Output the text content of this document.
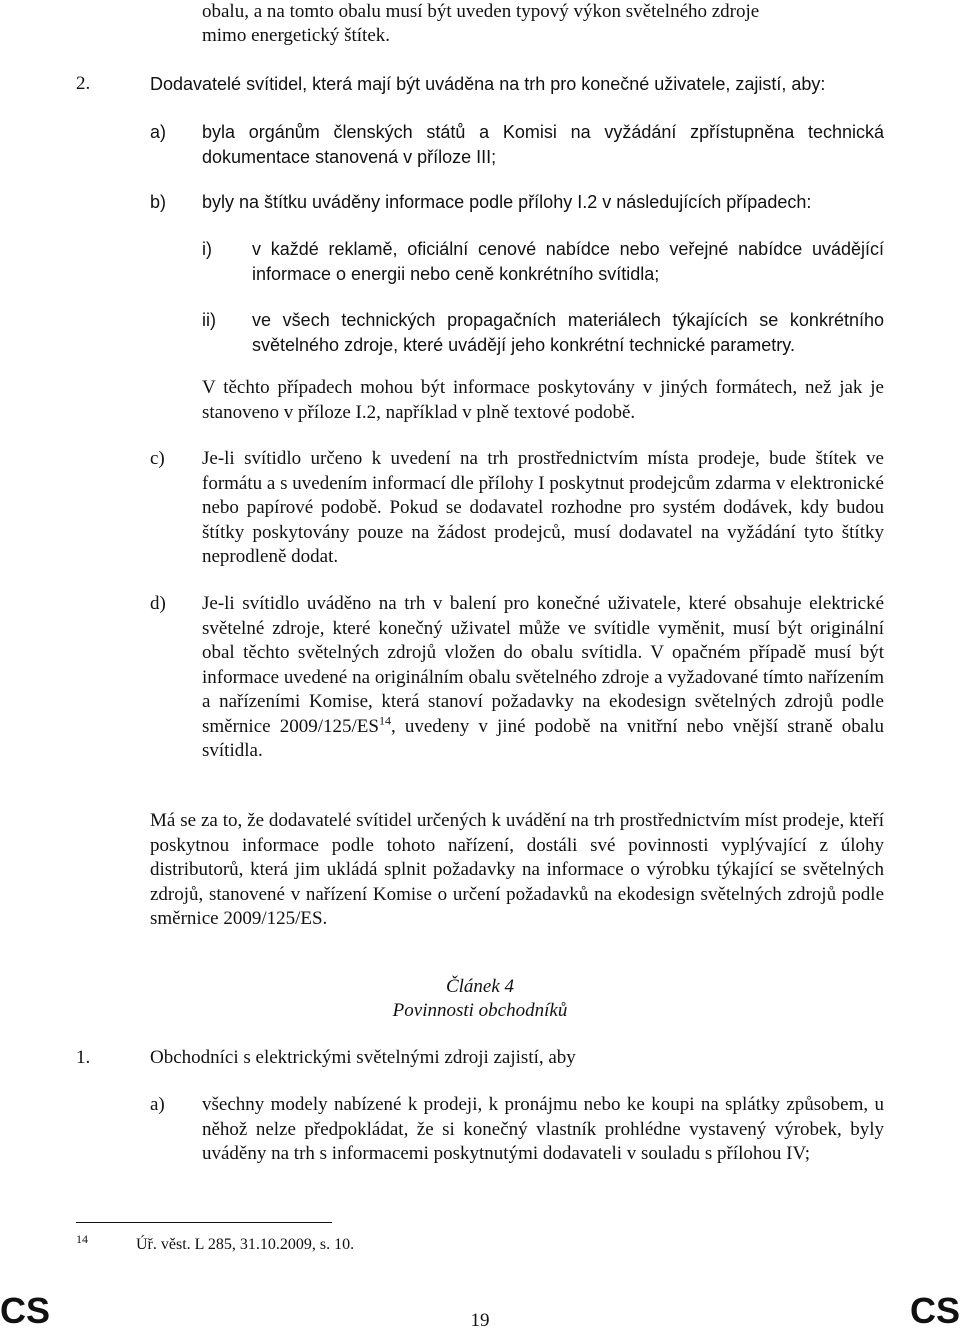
obalu, a na tomto obalu musí být uveden typový výkon světelného zdroje
mimo energetický štítek.
2.	Dodavatelé svítidel, která mají být uváděna na trh pro konečné uživatele, zajistí, aby:
a) byla orgánům členských států a Komisi na vyžádání zpřístupněna technická dokumentace stanovená v příloze III;
b) byly na štítku uváděny informace podle přílohy I.2 v následujících případech:
i) v každé reklamě, oficiální cenové nabídce nebo veřejné nabídce uvádějící informace o energii nebo ceně konkrétního svítidla;
ii) ve všech technických propagačních materiálech týkajících se konkrétního světelného zdroje, které uvádějí jeho konkrétní technické parametry.
V těchto případech mohou být informace poskytovány v jiných formátech, než jak je stanoveno v příloze I.2, například v plně textové podobě.
c) Je-li svítidlo určeno k uvedení na trh prostřednictvím místa prodeje, bude štítek ve formátu a s uvedením informací dle přílohy I poskytnut prodejcům zdarma v elektronické nebo papírové podobě. Pokud se dodavatel rozhodne pro systém dodávek, kdy budou štítky poskytovány pouze na žádost prodejců, musí dodavatel na vyžádání tyto štítky neprodleně dodat.
d) Je-li svítidlo uváděno na trh v balení pro konečné uživatele, které obsahuje elektrické světelné zdroje, které konečný uživatel může ve svítidle vyměnit, musí být originální obal těchto světelných zdrojů vložen do obalu svítidla. V opačném případě musí být informace uvedené na originálním obalu světelného zdroje a vyžadované tímto nařízením a nařízeními Komise, která stanoví požadavky na ekodesign světelných zdrojů podle směrnice 2009/125/ES$^{14}$, uvedeny v jiné podobě na vnitřní nebo vnější straně obalu svítidla.
Má se za to, že dodavatelé svítidel určených k uvádění na trh prostřednictvím míst prodeje, kteří poskytnou informace podle tohoto nařízení, dostáli své povinnosti vyplývající z úlohy distributorů, která jim ukládá splnit požadavky na informace o výrobku týkající se světelných zdrojů, stanovené v nařízení Komise o určení požadavků na ekodesign světelných zdrojů podle směrnice 2009/125/ES.
Článek 4
Povinnosti obchodníků
1.	Obchodníci s elektrickými světelnými zdroji zajistí, aby
a) všechny modely nabízené k prodeji, k pronájmu nebo ke koupi na splátky způsobem, u něhož nelze předpokládat, že si konečný vlastník prohlédne vystavený výrobek, byly uváděny na trh s informacemi poskytnutými dodavateli v souladu s přílohou IV;
14	Úř. věst. L 285, 31.10.2009, s. 10.
CS	19	CS
